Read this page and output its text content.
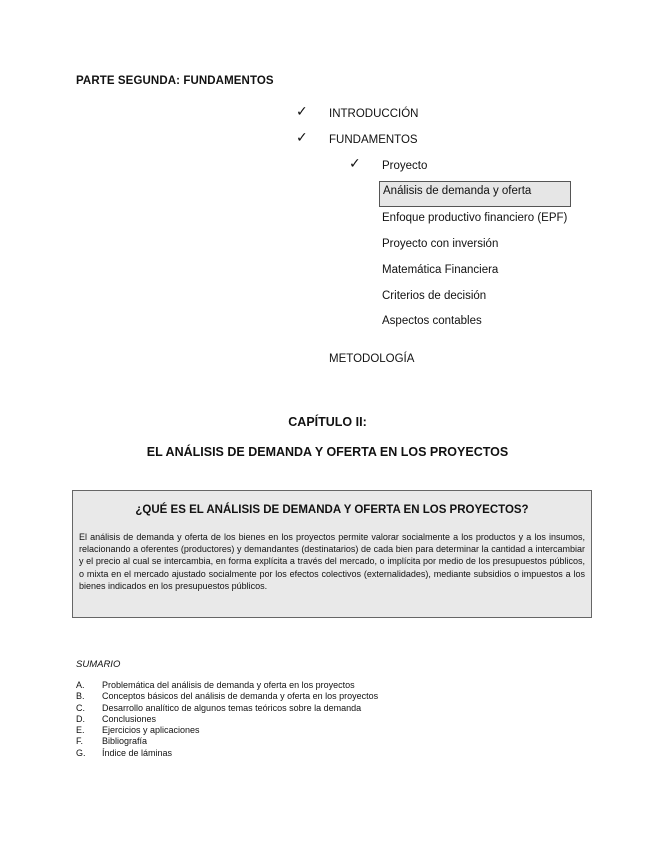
PARTE SEGUNDA: FUNDAMENTOS
✓ INTRODUCCIÓN
✓ FUNDAMENTOS
✓ Proyecto
Análisis de demanda y oferta
Enfoque productivo financiero (EPF)
Proyecto con inversión
Matemática Financiera
Criterios de decisión
Aspectos contables
METODOLOGÍA
CAPÍTULO II:
EL ANÁLISIS DE DEMANDA Y OFERTA EN LOS PROYECTOS
¿QUÉ ES EL ANÁLISIS DE DEMANDA Y OFERTA EN LOS PROYECTOS?
El análisis de demanda y oferta de los bienes en los proyectos permite valorar socialmente a los productos y a los insumos, relacionando a oferentes (productores) y demandantes (destinatarios) de cada bien para determinar la cantidad a intercambiar y el precio al cual se intercambia, en forma explícita a través del mercado, o implícita por medio de los presupuestos públicos, o mixta en el mercado ajustado socialmente por los efectos colectivos (externalidades), mediante subsidios o impuestos a los bienes indicados en los presupuestos públicos.
SUMARIO
A.	Problemática del análisis de demanda y oferta en los proyectos
B.	Conceptos básicos del análisis de demanda y oferta en los proyectos
C.	Desarrollo analítico de algunos temas teóricos sobre la demanda
D.	Conclusiones
E.	Ejercicios y aplicaciones
F.	Bibliografía
G.	Índice de láminas
